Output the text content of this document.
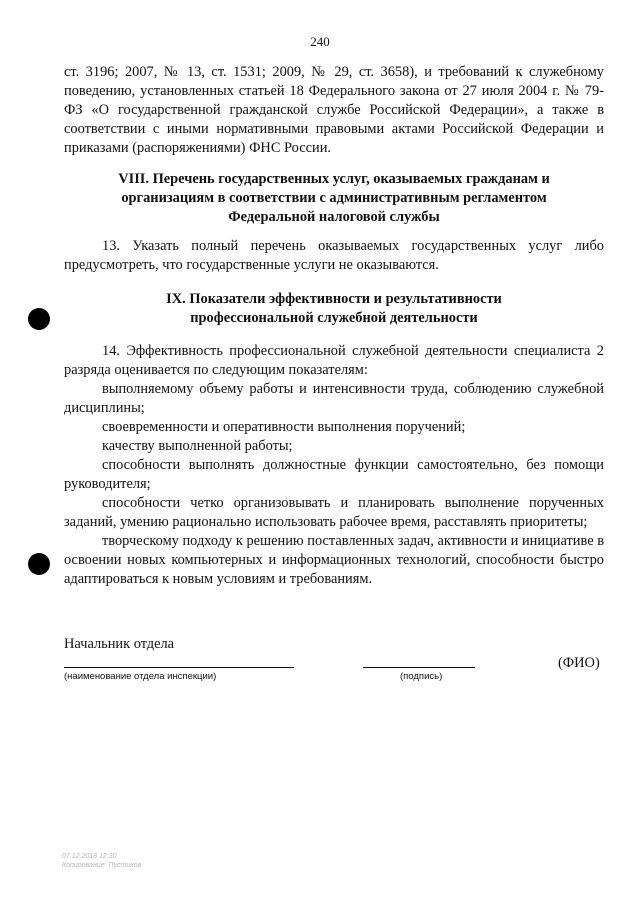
240

ст. 3196; 2007, № 13, ст. 1531; 2009, № 29, ст. 3658), и требований к служебному поведению, установленных статьей 18 Федерального закона от 27 июля 2004 г. № 79-ФЗ «О государственной гражданской службе Российской Федерации», а также в соответствии с иными нормативными правовыми актами Российской Федерации и приказами (распоряжениями) ФНС России.

VIII. Перечень государственных услуг, оказываемых гражданам и
организациям в соответствии с административным регламентом
Федеральной налоговой службы

13. Указать полный перечень оказываемых государственных услуг либо предусмотреть, что государственные услуги не оказываются.

IX. Показатели эффективности и результативности
профессиональной служебной деятельности

14. Эффективность профессиональной служебной деятельности специалиста 2 разряда оценивается по следующим показателям:

выполняемому объему работы и интенсивности труда, соблюдению служебной дисциплины;

своевременности и оперативности выполнения поручений;

качеству выполненной работы;

способности выполнять должностные функции самостоятельно, без помощи руководителя;

способности четко организовывать и планировать выполнение порученных заданий, умению рационально использовать рабочее время, расставлять приоритеты;

творческому подходу к решению поставленных задач, активности и инициативе в освоении новых компьютерных и информационных технологий, способности быстро адаптироваться к новым условиям и требованиям.

Начальник отдела
(наименование отдела инспекции)	(подпись)
(ФИО)
07.12.2018 12:30
Копирование: Пустиков
